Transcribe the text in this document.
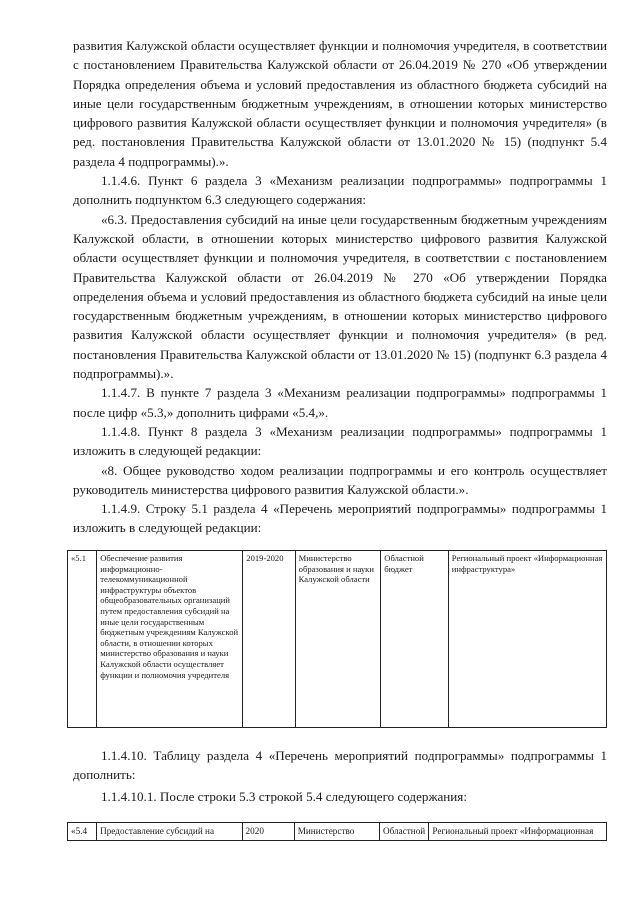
развития Калужской области осуществляет функции и полномочия учредителя, в соответствии с постановлением Правительства Калужской области от 26.04.2019 № 270 «Об утверждении Порядка определения объема и условий предоставления из областного бюджета субсидий на иные цели государственным бюджетным учреждениям, в отношении которых министерство цифрового развития Калужской области осуществляет функции и полномочия учредителя» (в ред. постановления Правительства Калужской области от 13.01.2020 № 15) (подпункт 5.4 раздела 4 подпрограммы).».

1.1.4.6. Пункт 6 раздела 3 «Механизм реализации подпрограммы» подпрограммы 1 дополнить подпунктом 6.3 следующего содержания:

«6.3. Предоставления субсидий на иные цели государственным бюджетным учреждениям Калужской области, в отношении которых министерство цифрового развития Калужской области осуществляет функции и полномочия учредителя, в соответствии с постановлением Правительства Калужской области от 26.04.2019 № 270 «Об утверждении Порядка определения объема и условий предоставления из областного бюджета субсидий на иные цели государственным бюджетным учреждениям, в отношении которых министерство цифрового развития Калужской области осуществляет функции и полномочия учредителя» (в ред. постановления Правительства Калужской области от 13.01.2020 № 15) (подпункт 6.3 раздела 4 подпрограммы).».

1.1.4.7. В пункте 7 раздела 3 «Механизм реализации подпрограммы» подпрограммы 1 после цифр «5.3,» дополнить цифрами «5.4,».

1.1.4.8. Пункт 8 раздела 3 «Механизм реализации подпрограммы» подпрограммы 1 изложить в следующей редакции:

«8. Общее руководство ходом реализации подпрограммы и его контроль осуществляет руководитель министерства цифрового развития Калужской области.».

1.1.4.9. Строку 5.1 раздела 4 «Перечень мероприятий подпрограммы» подпрограммы 1 изложить в следующей редакции:

«5.1	Обеспечение развития информационно-телекоммуникационной инфраструктуры объектов общеобразовательных организаций путем предоставления субсидий на иные цели государственным бюджетным учреждениям Калужской области, в отношении которых министерство образования и науки Калужской области осуществляет функции и полномочия учредителя	2019-2020	Министерство образования и науки Калужской области	Областной бюджет	Региональный проект «Информационная инфраструктура»

1.1.4.10. Таблицу раздела 4 «Перечень мероприятий подпрограммы» подпрограммы 1 дополнить:

1.1.4.10.1. После строки 5.3 строкой 5.4 следующего содержания:

«5.4	Предоставление субсидий на	2020	Министерство	Областной	Региональный проект «Информационная
